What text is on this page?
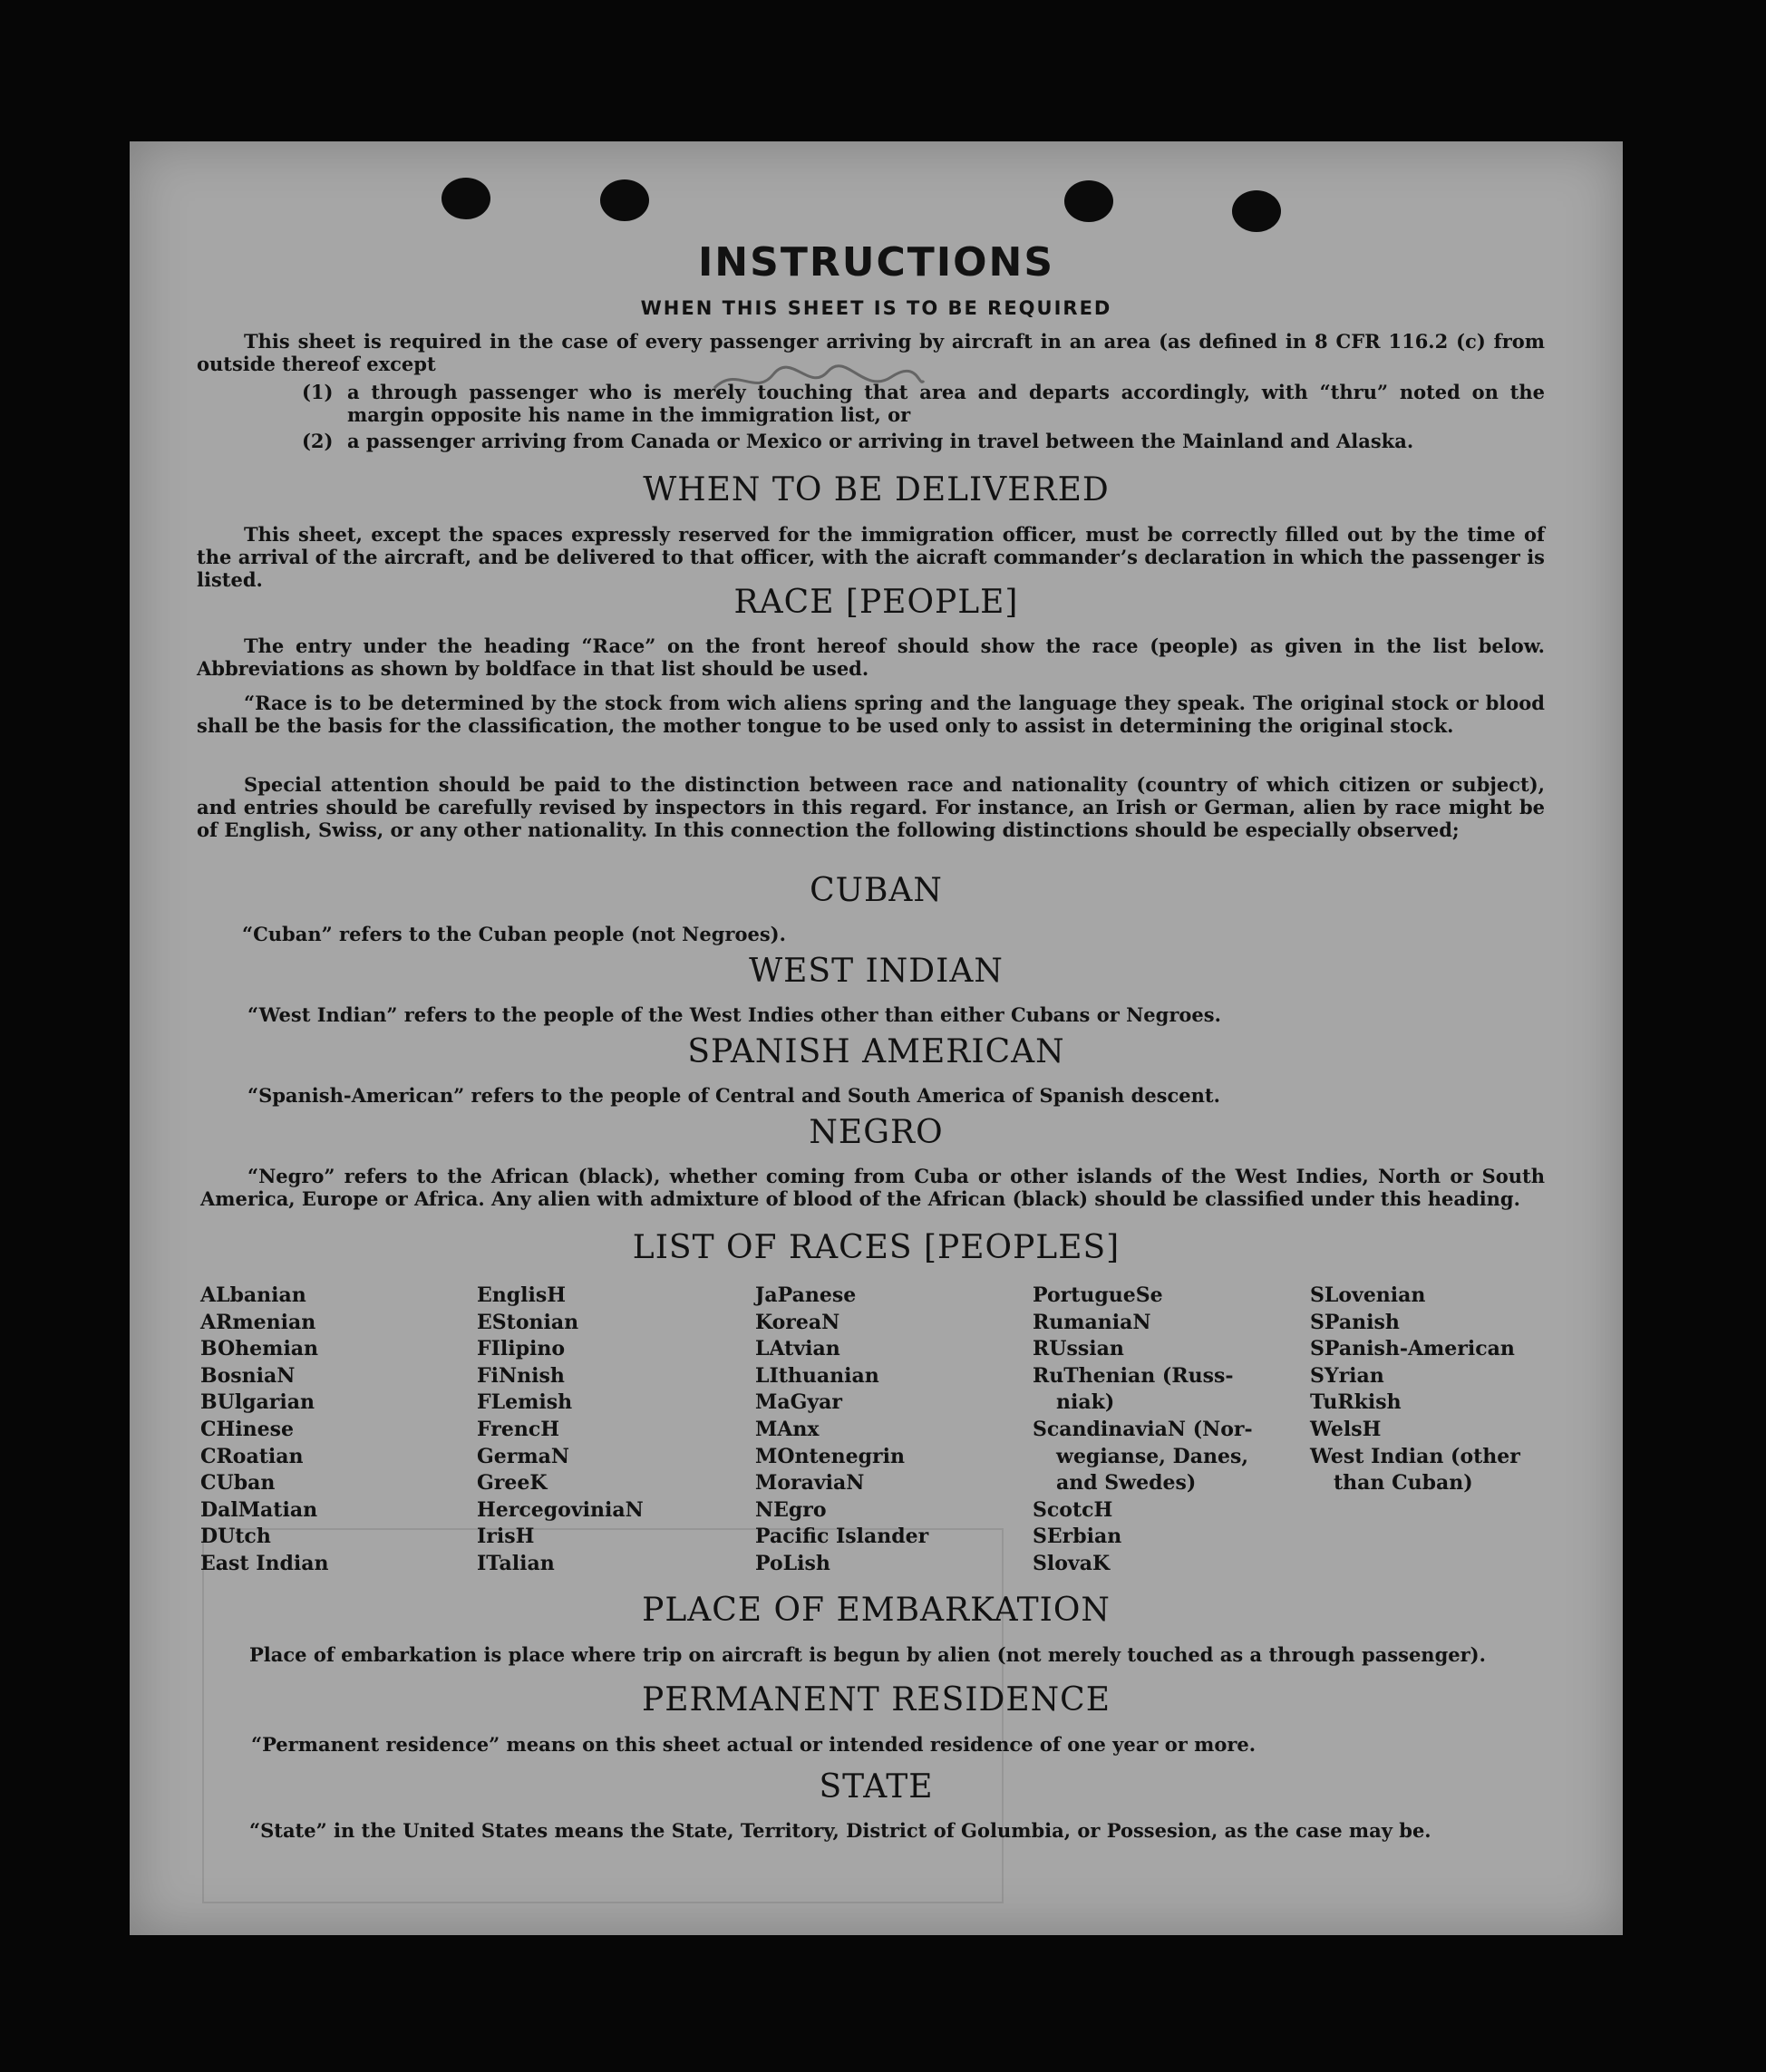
INSTRUCTIONS
WHEN THIS SHEET IS TO BE REQUIRED

This sheet is required in the case of every passenger arriving by aircraft in an area (as defined in 8 CFR 116.2 (c) from outside thereof except

(1) a through passenger who is merely touching that area and departs accordingly, with “thru” noted on the margin opposite his name in the immigration list, or

(2) a passenger arriving from Canada or Mexico or arriving in travel between the Mainland and Alaska.

WHEN TO BE DELIVERED

This sheet, except the spaces expressly reserved for the immigration officer, must be correctly filled out by the time of the arrival of the aircraft, and be delivered to that officer, with the aicraft commander’s declaration in which the passenger is listed.

RACE [PEOPLE]

The entry under the heading “Race” on the front hereof should show the race (people) as given in the list below. Abbreviations as shown by boldface in that list should be used.

“Race is to be determined by the stock from wich aliens spring and the language they speak. The original stock or blood shall be the basis for the classification, the mother tongue to be used only to assist in determining the original stock.

Special attention should be paid to the distinction between race and nationality (country of which citizen or subject), and entries should be carefully revised by inspectors in this regard. For instance, an Irish or German, alien by race might be of English, Swiss, or any other nationality. In this connection the following distinctions should be especially observed;

CUBAN

“Cuban” refers to the Cuban people (not Negroes).

WEST INDIAN

“West Indian” refers to the people of the West Indies other than either Cubans or Negroes.

SPANISH AMERICAN

“Spanish-American” refers to the people of Central and South America of Spanish descent.

NEGRO

“Negro” refers to the African (black), whether coming from Cuba or other islands of the West Indies, North or South America, Europe or Africa. Any alien with admixture of blood of the African (black) should be classified under this heading.

LIST OF RACES [PEOPLES]
ALbanian
ARmenian
BOhemian
BosniaN
BUlgarian
CHinese
CRoatian
CUban
DalMatian
DUtch
East Indian
EnglisH
EStonian
FIlipino
FiNnish
FLemish
FrencH
GermaN
GreeK
HercegoviniaN
IrisH
ITalian
JaPanese
KoreaN
LAtvian
LIthuanian
MaGyar
MAnx
MOntenegrin
MoraviaN
NEgro
Pacific Islander
PoLish
PortugueSe
RumaniaN
RUssian
RuThenian (Russ-
niak)
ScandinaviaN (Nor-
wegianse, Danes,
and Swedes)
ScotcH
SErbian
SlovaK
SLovenian
SPanish
SPanish-American
SYrian
TuRkish
WelsH
West Indian (other
than Cuban)
PLACE OF EMBARKATION

Place of embarkation is place where trip on aircraft is begun by alien (not merely touched as a through passenger).

PERMANENT RESIDENCE

“Permanent residence” means on this sheet actual or intended residence of one year or more.

STATE

“State” in the United States means the State, Territory, District of Golumbia, or Possesion, as the case may be.
